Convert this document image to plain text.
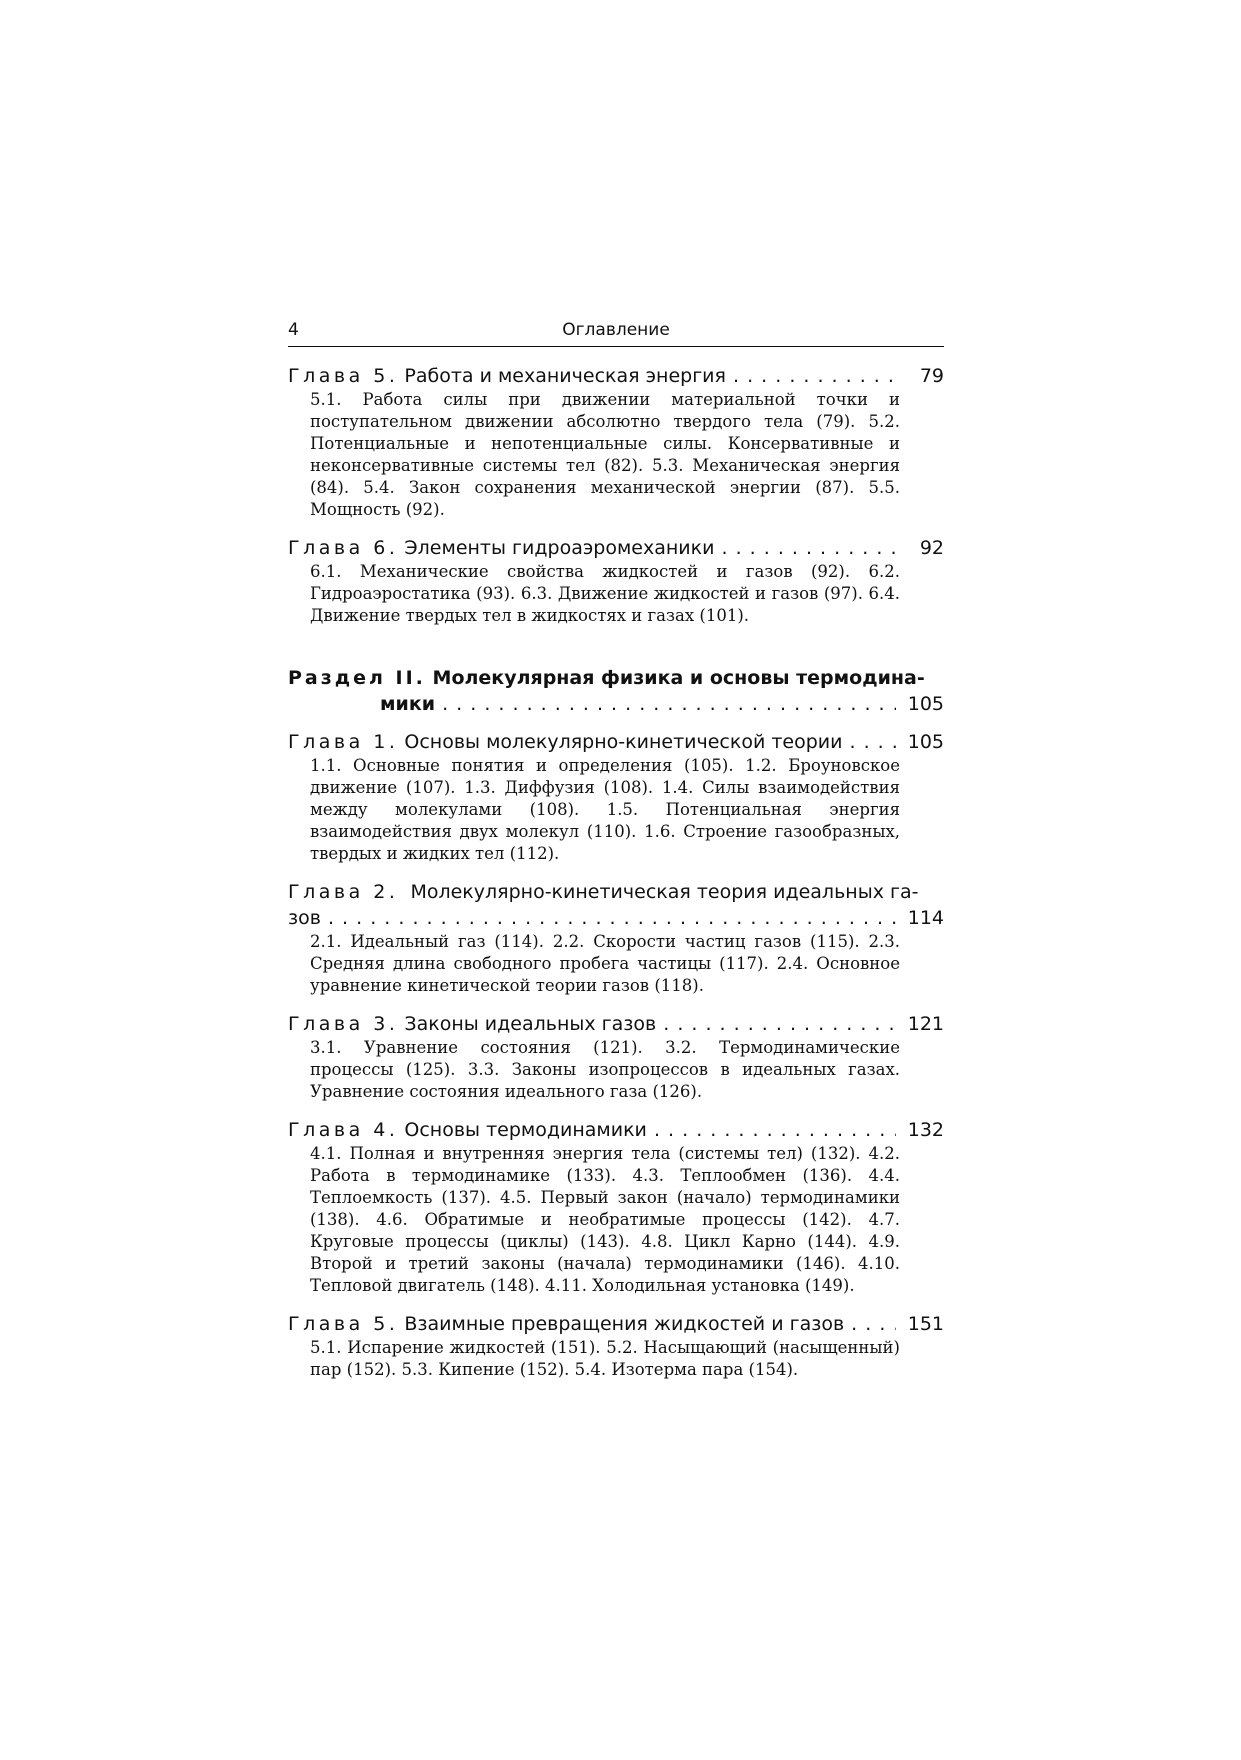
4	Оглавление
Глава 5. Работа и механическая энергия . . .	79
5.1. Работа силы при движении материальной точки и поступательном движении абсолютно твердого тела (79). 5.2. Потенциальные и непотенциальные силы. Консервативные и неконсервативные системы тел (82). 5.3. Механическая энергия (84). 5.4. Закон сохранения механической энергии (87). 5.5. Мощность (92).
Глава 6. Элементы гидроаэромеханики . . .	92
6.1. Механические свойства жидкостей и газов (92). 6.2. Гидроаэростатика (93). 6.3. Движение жидкостей и газов (97). 6.4. Движение твердых тел в жидкостях и газах (101).
Раздел II. Молекулярная физика и основы термодина-
мики . . .	105
Глава 1. Основы молекулярно-кинетической теории . . .	105
1.1. Основные понятия и определения (105). 1.2. Броуновское движение (107). 1.3. Диффузия (108). 1.4. Силы взаимодействия между молекулами (108). 1.5. Потенциальная энергия взаимодействия двух молекул (110). 1.6. Строение газообразных, твердых и жидких тел (112).
Глава 2. Молекулярно-кинетическая теория идеальных га-
зов . . .	114
2.1. Идеальный газ (114). 2.2. Скорости частиц газов (115). 2.3. Средняя длина свободного пробега частицы (117). 2.4. Основное уравнение кинетической теории газов (118).
Глава 3. Законы идеальных газов . . .	121
3.1. Уравнение состояния (121). 3.2. Термодинамические процессы (125). 3.3. Законы изопроцессов в идеальных газах. Уравнение состояния идеального газа (126).
Глава 4. Основы термодинамики . . .	132
4.1. Полная и внутренняя энергия тела (системы тел) (132). 4.2. Работа в термодинамике (133). 4.3. Теплообмен (136). 4.4. Теплоемкость (137). 4.5. Первый закон (начало) термодинамики (138). 4.6. Обратимые и необратимые процессы (142). 4.7. Круговые процессы (циклы) (143). 4.8. Цикл Карно (144). 4.9. Второй и третий законы (начала) термодинамики (146). 4.10. Тепловой двигатель (148). 4.11. Холодильная установка (149).
Глава 5. Взаимные превращения жидкостей и газов . . .	151
5.1. Испарение жидкостей (151). 5.2. Насыщающий (насыщенный) пар (152). 5.3. Кипение (152). 5.4. Изотерма пара (154).
